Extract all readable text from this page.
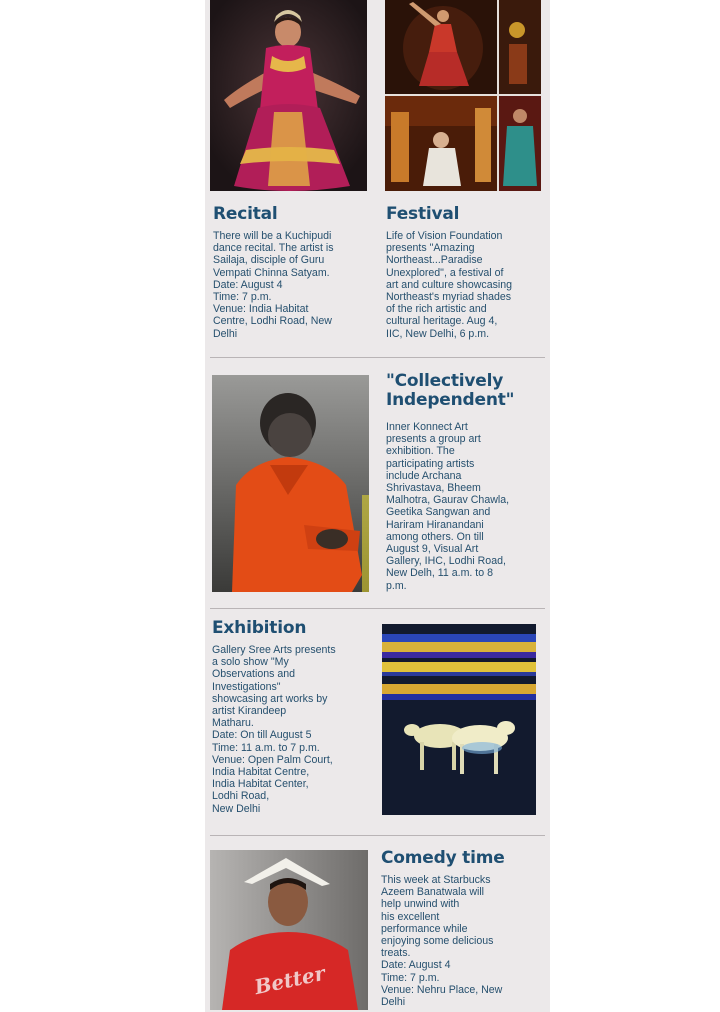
Recital

There will be a Kuchipudi
dance recital. The artist is
Sailaja, disciple of Guru
Vempati Chinna Satyam.
Date: August 4
Time: 7 p.m.
Venue: India Habitat
Centre, Lodhi Road, New
Delhi

Festival

Life of Vision Foundation
presents "Amazing
Northeast...Paradise
Unexplored", a festival of
art and culture showcasing
Northeast's myriad shades
of the rich artistic and
cultural heritage. Aug 4,
IIC, New Delhi, 6 p.m.

"Collectively
Independent"

Inner Konnect Art
presents a group art
exhibition. The
participating artists
include Archana
Shrivastava, Bheem
Malhotra, Gaurav Chawla,
Geetika Sangwan and
Hariram Hiranandani
among others. On till
August 9, Visual Art
Gallery, IHC, Lodhi Road,
New Delh, 11 a.m. to 8
p.m.

Exhibition

Gallery Sree Arts presents
a solo show "My
Observations and
Investigations"
showcasing art works by
artist Kirandeep
Matharu.
Date: On till August 5
Time: 11 a.m. to 7 p.m.
Venue: Open Palm Court,
India Habitat Centre,
India Habitat Center,
Lodhi Road,
New Delhi

Better
Comedy time

This week at Starbucks
Azeem Banatwala will
help unwind with
his excellent
performance while
enjoying some delicious
treats.
Date: August 4
Time: 7 p.m.
Venue: Nehru Place, New
Delhi
